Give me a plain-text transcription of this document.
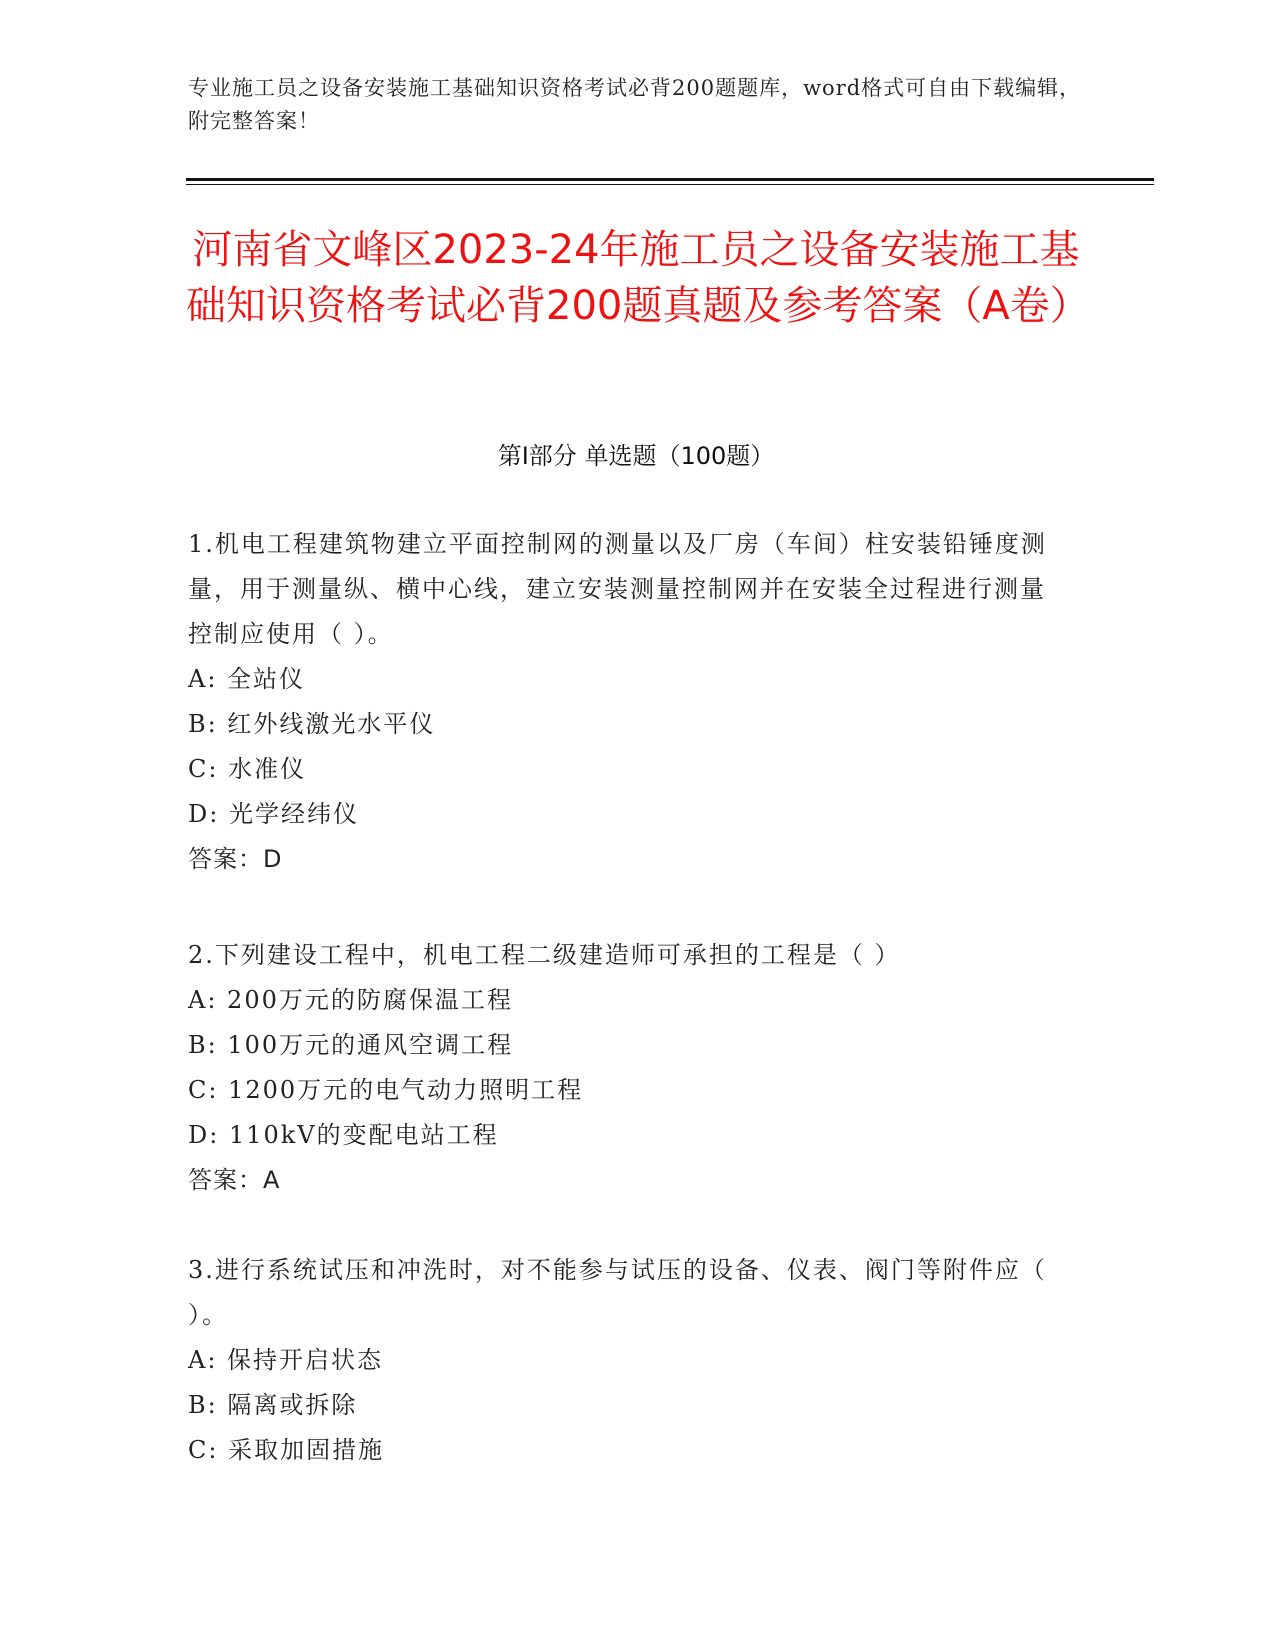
专业施工员之设备安装施工基础知识资格考试必背200题题库，word格式可自由下载编辑，附完整答案！
河南省文峰区2023-24年施工员之设备安装施工基础知识资格考试必背200题真题及参考答案（A卷）
第I部分 单选题（100题）
1.机电工程建筑物建立平面控制网的测量以及厂房（车间）柱安装铅锤度测量，用于测量纵、横中心线，建立安装测量控制网并在安装全过程进行测量控制应使用（ ）。
A: 全站仪
B: 红外线激光水平仪
C: 水准仪
D: 光学经纬仪
答案：D
2.下列建设工程中，机电工程二级建造师可承担的工程是（ ）
A: 200万元的防腐保温工程
B: 100万元的通风空调工程
C: 1200万元的电气动力照明工程
D: 110kV的变配电站工程
答案：A
3.进行系统试压和冲洗时，对不能参与试压的设备、仪表、阀门等附件应（ ）。
A: 保持开启状态
B: 隔离或拆除
C: 采取加固措施
